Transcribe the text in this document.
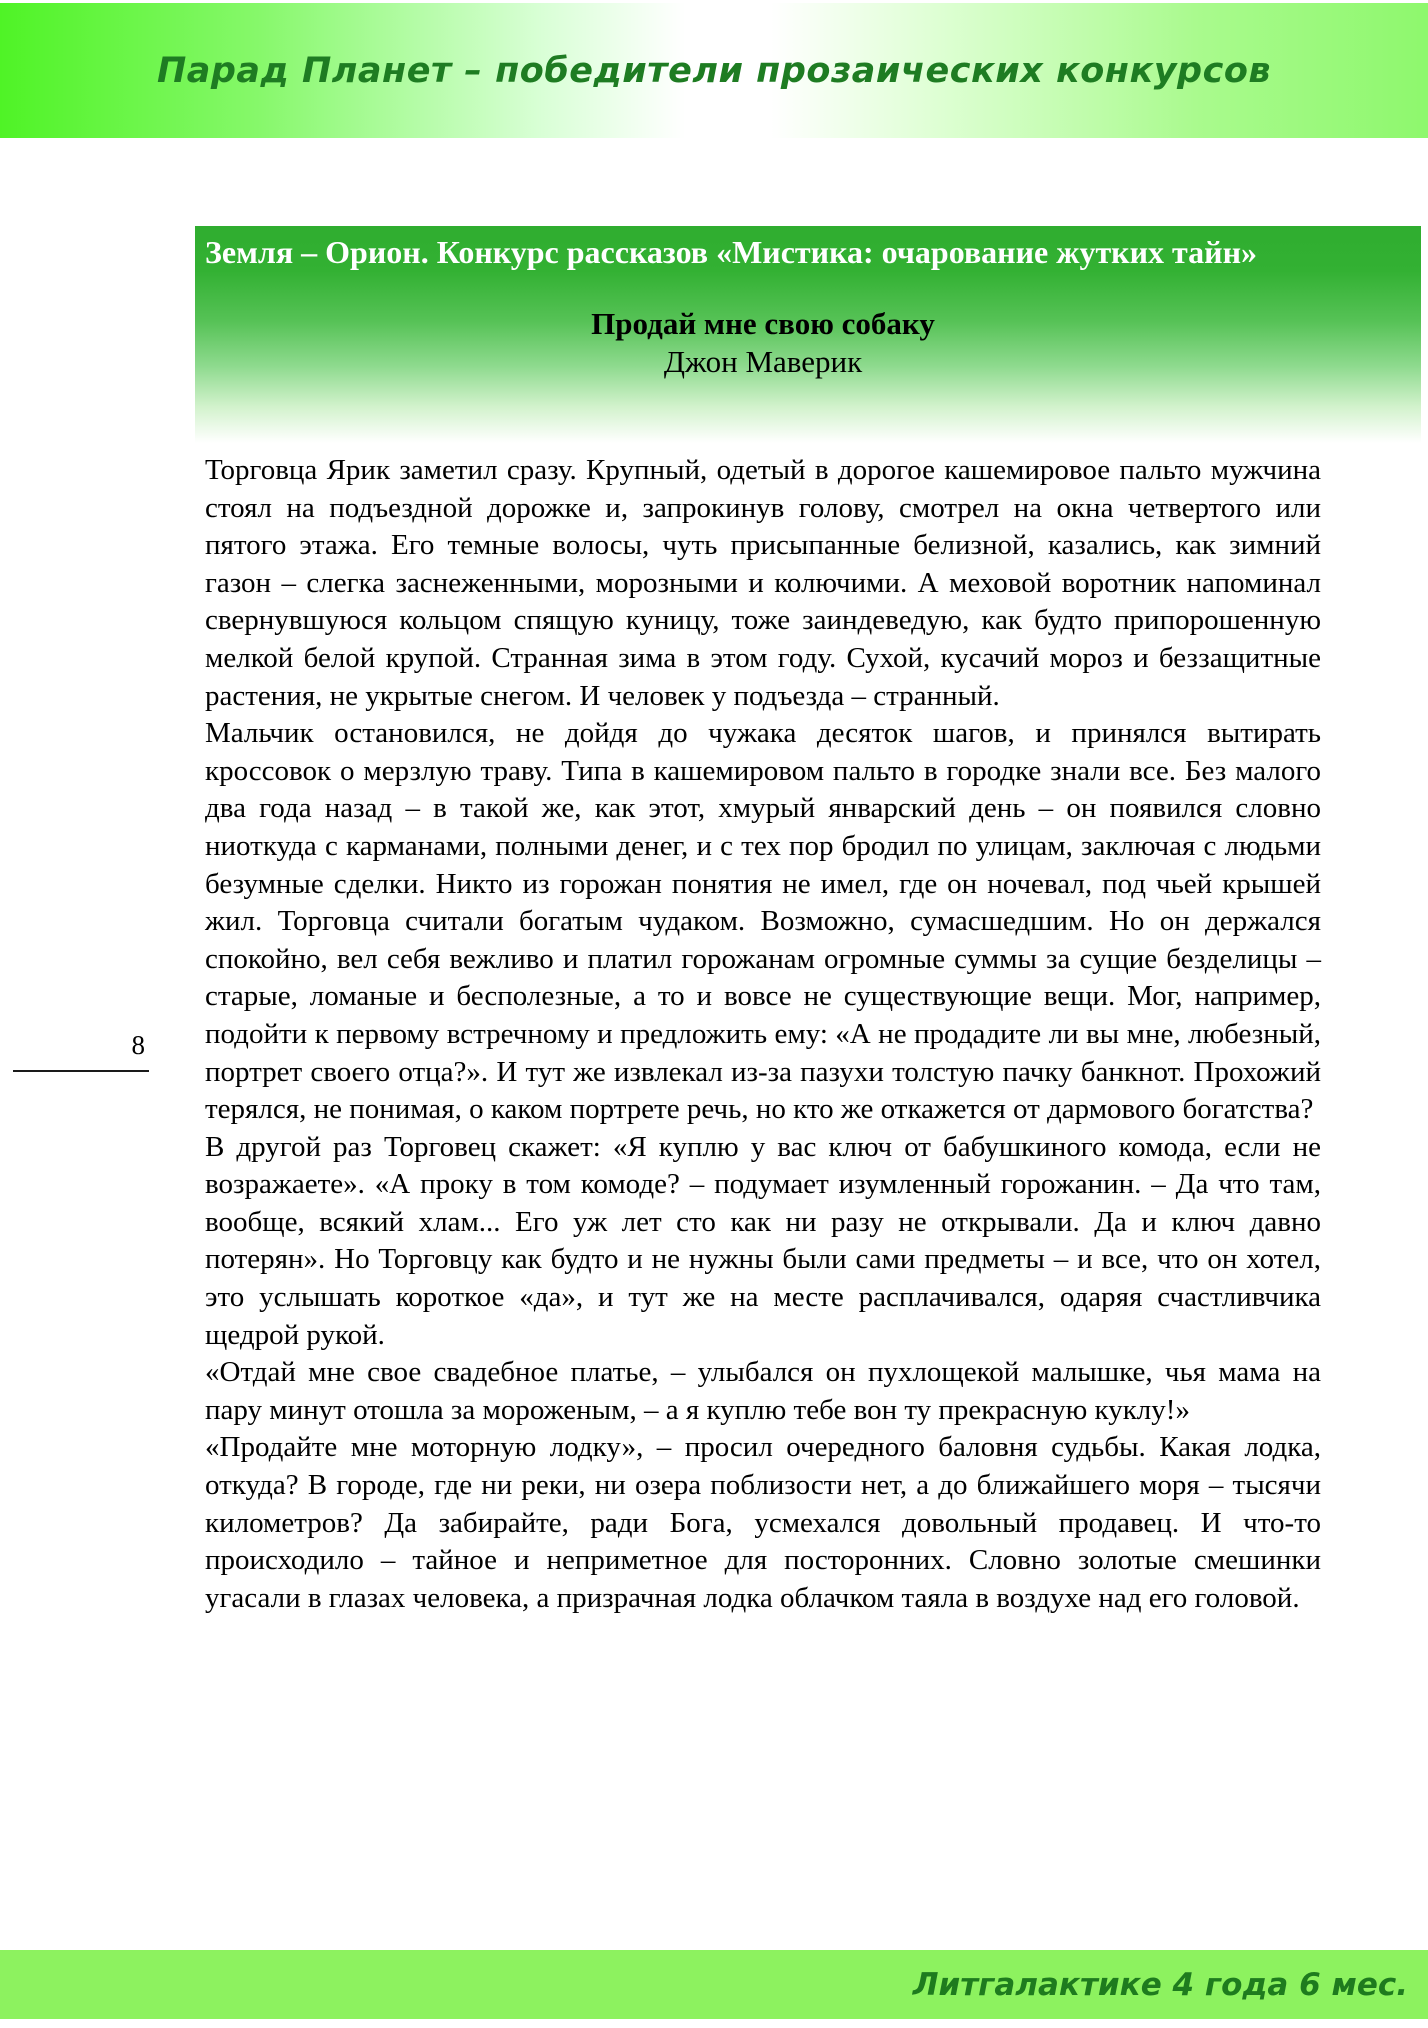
Парад Планет – победители прозаических конкурсов
Земля – Орион. Конкурс рассказов «Мистика: очарование жутких тайн»
Продай мне свою собаку
Джон Маверик
8

Торговца Ярик заметил сразу. Крупный, одетый в дорогое кашемировое пальто мужчина стоял на подъездной дорожке и, запрокинув голову, смотрел на окна четвертого или пятого этажа. Его темные волосы, чуть присыпанные белизной, казались, как зимний газон – слегка заснеженными, морозными и колючими. А меховой воротник напоминал свернувшуюся кольцом спящую куницу, тоже заиндеведую, как будто припорошенную мелкой белой крупой. Странная зима в этом году. Сухой, кусачий мороз и беззащитные растения, не укрытые снегом. И человек у подъезда – странный.

Мальчик остановился, не дойдя до чужака десяток шагов, и принялся вытирать кроссовок о мерзлую траву. Типа в кашемировом пальто в городке знали все. Без малого два года назад – в такой же, как этот, хмурый январский день – он появился словно ниоткуда с карманами, полными денег, и с тех пор бродил по улицам, заключая с людьми безумные сделки. Никто из горожан понятия не имел, где он ночевал, под чьей крышей жил. Торговца считали богатым чудаком. Возможно, сумасшедшим. Но он держался спокойно, вел себя вежливо и платил горожанам огромные суммы за сущие безделицы – старые, ломаные и бесполезные, а то и вовсе не существующие вещи. Мог, например, подойти к первому встречному и предложить ему: «А не продадите ли вы мне, любезный, портрет своего отца?». И тут же извлекал из-за пазухи толстую пачку банкнот. Прохожий терялся, не понимая, о каком портрете речь, но кто же откажется от дармового богатства?

В другой раз Торговец скажет: «Я куплю у вас ключ от бабушкиного комода, если не возражаете». «А проку в том комоде? – подумает изумленный горожанин. – Да что там, вообще, всякий хлам... Его уж лет сто как ни разу не открывали. Да и ключ давно потерян». Но Торговцу как будто и не нужны были сами предметы – и все, что он хотел, это услышать короткое «да», и тут же на месте расплачивался, одаряя счастливчика щедрой рукой.

«Отдай мне свое свадебное платье, – улыбался он пухлощекой малышке, чья мама на пару минут отошла за мороженым, – а я куплю тебе вон ту прекрасную куклу!»

«Продайте мне моторную лодку», – просил очередного баловня судьбы. Какая лодка, откуда? В городе, где ни реки, ни озера поблизости нет, а до ближайшего моря – тысячи километров? Да забирайте, ради Бога, усмехался довольный продавец. И что-то происходило – тайное и неприметное для посторонних. Словно золотые смешинки угасали в глазах человека, а призрачная лодка облачком таяла в воздухе над его головой.

Литгалактике 4 года 6 мес.
